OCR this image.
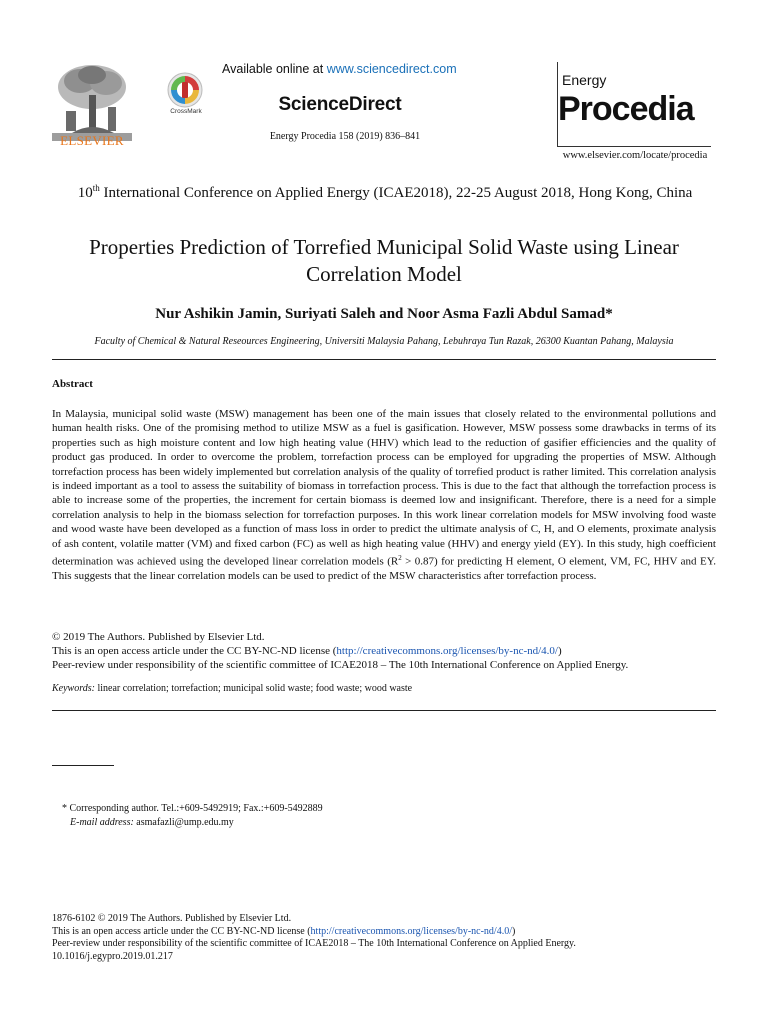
ELSEVIER
CrossMark
Available online at www.sciencedirect.com
ScienceDirect
Energy Procedia 158 (2019) 836–841
Energy
Procedia
www.elsevier.com/locate/procedia
10th International Conference on Applied Energy (ICAE2018), 22-25 August 2018, Hong Kong, China
Properties Prediction of Torrefied Municipal Solid Waste using Linear Correlation Model
Nur Ashikin Jamin, Suriyati Saleh and Noor Asma Fazli Abdul Samad*
Faculty of Chemical & Natural Reseources Engineering, Universiti Malaysia Pahang, Lebuhraya Tun Razak, 26300 Kuantan Pahang, Malaysia
Abstract
In Malaysia, municipal solid waste (MSW) management has been one of the main issues that closely related to the environmental pollutions and human health risks. One of the promising method to utilize MSW as a fuel is gasification. However, MSW possess some drawbacks in terms of its properties such as high moisture content and low high heating value (HHV) which lead to the reduction of gasifier efficiencies and the quality of product gas produced. In order to overcome the problem, torrefaction process can be employed for upgrading the properties of MSW. Although torrefaction process has been widely implemented but correlation analysis of the quality of torrefied product is rather limited. This correlation analysis is indeed important as a tool to assess the suitability of biomass in torrefaction process. This is due to the fact that although the torrefaction process is able to increase some of the properties, the increment for certain biomass is deemed low and insignificant. Therefore, there is a need for a simple correlation analysis to help in the biomass selection for torrefaction purposes. In this work linear correlation models for MSW involving food waste and wood waste have been developed as a function of mass loss in order to predict the ultimate analysis of C, H, and O elements, proximate analysis of ash content, volatile matter (VM) and fixed carbon (FC) as well as high heating value (HHV) and energy yield (EY). In this study, high coefficient determination was achieved using the developed linear correlation models $(R^2 > 0.87)$ for predicting H element, O element, VM, FC, HHV and EY. This suggests that the linear correlation models can be used to predict of the MSW characteristics after torrefaction process.
© 2019 The Authors. Published by Elsevier Ltd.
This is an open access article under the CC BY-NC-ND license (http://creativecommons.org/licenses/by-nc-nd/4.0/)
Peer-review under responsibility of the scientific committee of ICAE2018 – The 10th International Conference on Applied Energy.
Keywords: linear correlation; torrefaction; municipal solid waste; food waste; wood waste
* Corresponding author. Tel.:+609-5492919; Fax.:+609-5492889
E-mail address: asmafazli@ump.edu.my
1876-6102 © 2019 The Authors. Published by Elsevier Ltd.
This is an open access article under the CC BY-NC-ND license (http://creativecommons.org/licenses/by-nc-nd/4.0/)
Peer-review under responsibility of the scientific committee of ICAE2018 – The 10th International Conference on Applied Energy.
10.1016/j.egypro.2019.01.217
